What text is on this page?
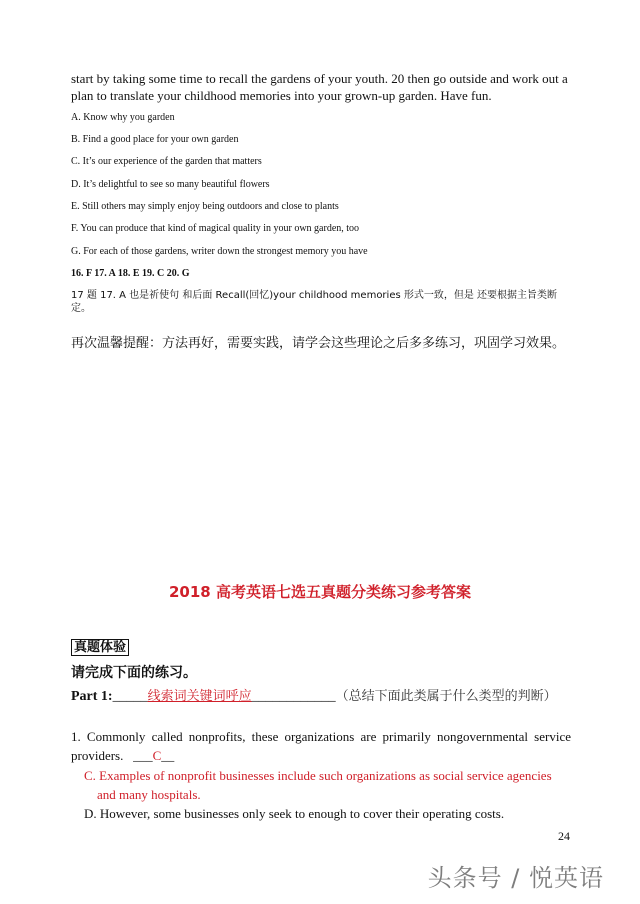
start by taking some time to recall the gardens of your youth. 20 then go outside and work out a plan to translate your childhood memories into your grown-up garden. Have fun.
A. Know why you garden
B. Find a good place for your own garden
C. It’s our experience of the garden that matters
D. It’s delightful to see so many beautiful flowers
E. Still others may simply enjoy being outdoors and close to plants
F. You can produce that kind of magical quality in your own garden, too
G. For each of those gardens, writer down the strongest memory you have
16. F 17. A 18. E 19. C 20. G
17 题 17. A 也是祈使句 和后面 Recall(回忆)your childhood memories 形式一致，但是 还要根据主旨类断定。
再次温馨提醒：方法再好，需要实践，请学会这些理论之后多多练习，巩固学习效果。
2018 高考英语七选五真题分类练习参考答案
真题体验
请完成下面的练习。
Part 1:_____线索词关键词呼应____________（总结下面此类属于什么类型的判断）
1. Commonly called nonprofits, these organizations are primarily nongovernmental service providers. ___C__
C. Examples of nonprofit businesses include such organizations as social service agencies and many hospitals.
D. However, some businesses only seek to enough to cover their operating costs.
24
头条号 / 悦英语
